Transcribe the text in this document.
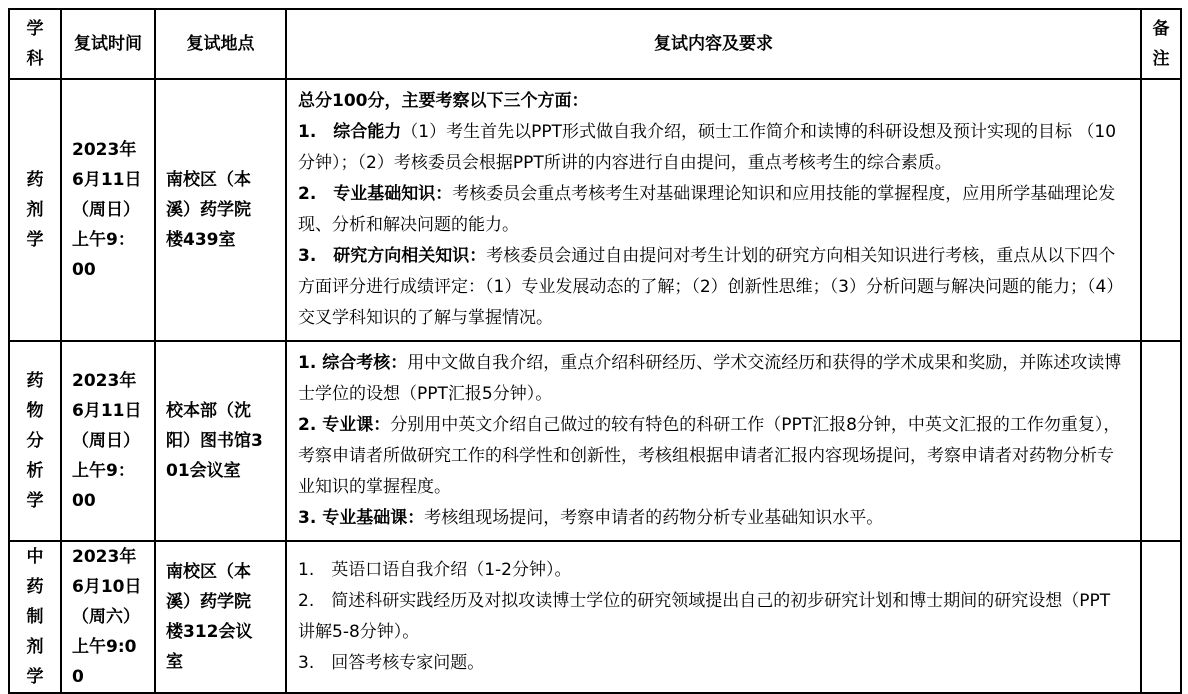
学科	复试时间	复试地点	复试内容及要求	备注
药剂学	2023年6月11日（周日）上午9：00	南校区（本溪）药学院楼439室	总分100分，主要考察以下三个方面：

1.　综合能力（1）考生首先以PPT形式做自我介绍，硕士工作简介和读博的科研设想及预计实现的目标 （10分钟）；（2）考核委员会根据PPT所讲的内容进行自由提问，重点考核考生的综合素质。

2.　专业基础知识：考核委员会重点考核考生对基础课理论知识和应用技能的掌握程度，应用所学基础理论发现、分析和解决问题的能力。

3.　研究方向相关知识：考核委员会通过自由提问对考生计划的研究方向相关知识进行考核，重点从以下四个方面评分进行成绩评定：（1）专业发展动态的了解；（2）创新性思维；（3）分析问题与解决问题的能力；（4）交叉学科知识的了解与掌握情况。	

药物分析学	2023年6月11日（周日）上午9：00	校本部（沈阳）图书馆301会议室	1. 综合考核：用中文做自我介绍，重点介绍科研经历、学术交流经历和获得的学术成果和奖励，并陈述攻读博士学位的设想（PPT汇报5分钟）。

2. 专业课：分别用中英文介绍自己做过的较有特色的科研工作（PPT汇报8分钟，中英文汇报的工作勿重复），考察申请者所做研究工作的科学性和创新性，考核组根据申请者汇报内容现场提问，考察申请者对药物分析专业知识的掌握程度。

3. 专业基础课：考核组现场提问，考察申请者的药物分析专业基础知识水平。	

中药制剂学	2023年6月10日（周六）上午9:00	南校区（本溪）药学院楼312会议室	1.　英语口语自我介绍（1-2分钟）。

2.　简述科研实践经历及对拟攻读博士学位的研究领域提出自己的初步研究计划和博士期间的研究设想（PPT讲解5-8分钟）。

3.　回答考核专家问题。	
